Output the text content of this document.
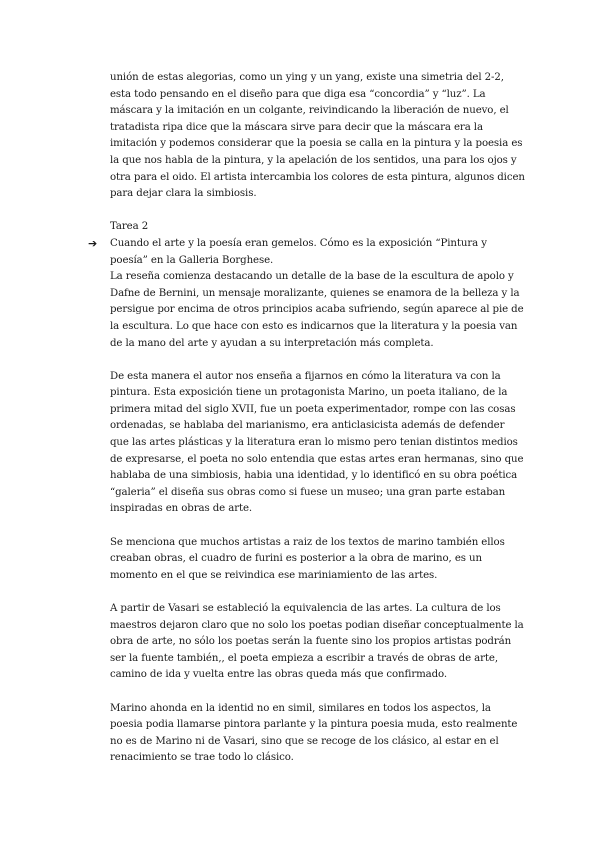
unión de estas alegorias, como un ying y un yang, existe una simetria del 2-2, esta todo pensando en el diseño para que diga esa “concordia” y “luz”. La máscara y la imitación en un colgante, reivindicando la liberación de nuevo, el tratadista ripa dice que la máscara sirve para decir que la máscara era la imitación y podemos considerar que la poesia se calla en la pintura y la poesia es la que nos habla de la pintura, y la apelación de los sentidos, una para los ojos y otra para el oido. El artista intercambia los colores de esta pintura, algunos dicen para dejar clara la simbiosis.

Tarea 2

➔ Cuando el arte y la poesía eran gemelos. Cómo es la exposición “Pintura y poesía” en la Galleria Borghese.

La reseña comienza destacando un detalle de la base de la escultura de apolo y Dafne de Bernini, un mensaje moralizante, quienes se enamora de la belleza y la persigue por encima de otros principios acaba sufriendo, según aparece al pie de la escultura. Lo que hace con esto es indicarnos que la literatura y la poesia van de la mano del arte y ayudan a su interpretación más completa.

De esta manera el autor nos enseña a fijarnos en cómo la literatura va con la pintura. Esta exposición tiene un protagonista Marino, un poeta italiano, de la primera mitad del siglo XVII, fue un poeta experimentador, rompe con las cosas ordenadas, se hablaba del marianismo, era anticlasicista además de defender que las artes plásticas y la literatura eran lo mismo pero tenian distintos medios de expresarse, el poeta no solo entendia que estas artes eran hermanas, sino que hablaba de una simbiosis, habia una identidad, y lo identificó en su obra poética “galeria” el diseña sus obras como si fuese un museo; una gran parte estaban inspiradas en obras de arte.

Se menciona que muchos artistas a raiz de los textos de marino también ellos creaban obras, el cuadro de furini es posterior a la obra de marino, es un momento en el que se reivindica ese mariniamiento de las artes.

A partir de Vasari se estableció la equivalencia de las artes. La cultura de los maestros dejaron claro que no solo los poetas podian diseñar conceptualmente la obra de arte, no sólo los poetas serán la fuente sino los propios artistas podrán ser la fuente también,, el poeta empieza a escribir a través de obras de arte, camino de ida y vuelta entre las obras queda más que confirmado.

Marino ahonda en la identid no en simil, similares en todos los aspectos, la poesia podia llamarse pintora parlante y la pintura poesia muda, esto realmente no es de Marino ni de Vasari, sino que se recoge de los clásico, al estar en el renacimiento se trae todo lo clásico.
